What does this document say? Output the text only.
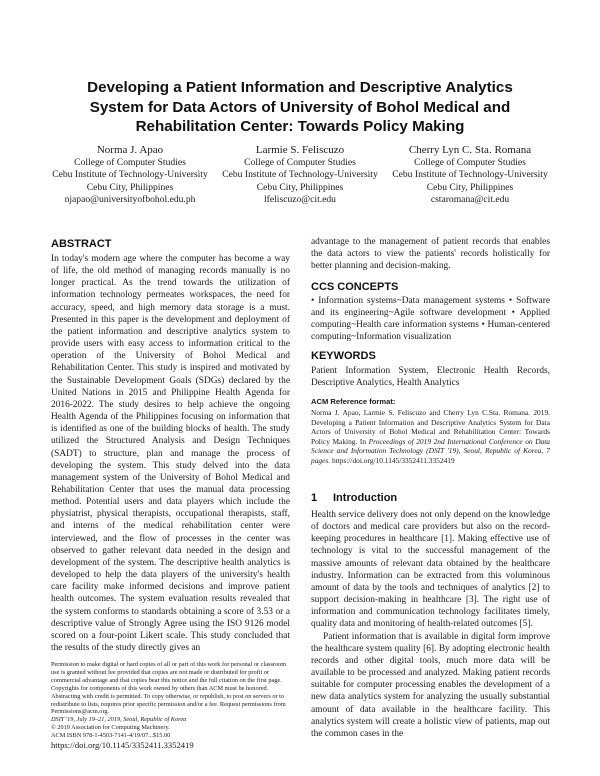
Developing a Patient Information and Descriptive Analytics System for Data Actors of University of Bohol Medical and Rehabilitation Center: Towards Policy Making
Norma J. Apao
College of Computer Studies
Cebu Institute of Technology-University
Cebu City, Philippines
njapao@universityofbohol.edu.ph
Larmie S. Feliscuzo
College of Computer Studies
Cebu Institute of Technology-University
Cebu City, Philippines
lfeliscuzo@cit.edu
Cherry Lyn C. Sta. Romana
College of Computer Studies
Cebu Institute of Technology-University
Cebu City, Philippines
cstaromana@cit.edu
ABSTRACT
In today's modern age where the computer has become a way of life, the old method of managing records manually is no longer practical. As the trend towards the utilization of information technology permeates workspaces, the need for accuracy, speed, and high memory data storage is a must. Presented in this paper is the development and deployment of the patient information and descriptive analytics system to provide users with easy access to information critical to the operation of the University of Bohol Medical and Rehabilitation Center. This study is inspired and motivated by the Sustainable Development Goals (SDGs) declared by the United Nations in 2015 and Philippine Health Agenda for 2016-2022. The study desires to help achieve the ongoing Health Agenda of the Philippines focusing on information that is identified as one of the building blocks of health. The study utilized the Structured Analysis and Design Techniques (SADT) to structure, plan and manage the process of developing the system. This study delved into the data management system of the University of Bohol Medical and Rehabilitation Center that uses the manual data processing method. Potential users and data players which include the physiatrist, physical therapists, occupational therapists, staff, and interns of the medical rehabilitation center were interviewed, and the flow of processes in the center was observed to gather relevant data needed in the design and development of the system. The descriptive health analytics is developed to help the data players of the university's health care facility make informed decisions and improve patient health outcomes. The system evaluation results revealed that the system conforms to standards obtaining a score of 3.53 or a descriptive value of Strongly Agree using the ISO 9126 model scored on a four-point Likert scale. This study concluded that the results of the study directly gives an
Permission to make digital or hard copies of all or part of this work for personal or classroom use is granted without fee provided that copies are not made or distributed for profit or commercial advantage and that copies bear this notice and the full citation on the first page. Copyrights for components of this work owned by others than ACM must be honored. Abstracting with credit is permitted. To copy otherwise, or republish, to post on servers or to redistribute to lists, requires prior specific permission and/or a fee. Request permissions from Permissions@acm.org.
DSIT '19, July 19–21, 2019, Seoul, Republic of Korea
© 2019 Association for Computing Machinery.
ACM ISBN 978-1-4503-7141-4/19/07...$15.00
https://doi.org/10.1145/3352411.3352419
advantage to the management of patient records that enables the data actors to view the patients' records holistically for better planning and decision-making.
CCS CONCEPTS
• Information systems~Data management systems • Software and its engineering~Agile software development • Applied computing~Health care information systems • Human-centered computing~Information visualization
KEYWORDS
Patient Information System, Electronic Health Records, Descriptive Analytics, Health Analytics
ACM Reference format:
Norma J. Apao, Larmie S. Feliscuzo and Cherry Lyn C.Sta. Romana. 2019. Developing a Patient Information and Descriptive Analytics System for Data Actors of University of Bohol Medical and Rehabilitation Center: Towards Policy Making. In Proceedings of 2019 2nd International Conference on Data Science and Information Technology (DSIT '19), Seoul, Republic of Korea, 7 pages. https://doi.org/10.1145/3352411.3352419
1 Introduction

Health service delivery does not only depend on the knowledge of doctors and medical care providers but also on the record-keeping procedures in healthcare [1]. Making effective use of technology is vital to the successful management of the massive amounts of relevant data obtained by the healthcare industry. Information can be extracted from this voluminous amount of data by the tools and techniques of analytics [2] to support decision-making in healthcare [3]. The right use of information and communication technology facilitates timely, quality data and monitoring of health-related outcomes [5].

Patient information that is available in digital form improve the healthcare system quality [6]. By adopting electronic health records and other digital tools, much more data will be available to be processed and analyzed. Making patient records suitable for computer processing enables the development of a new data analytics system for analyzing the usually substantial amount of data available in the healthcare facility. This analytics system will create a holistic view of patients, map out the common cases in the
